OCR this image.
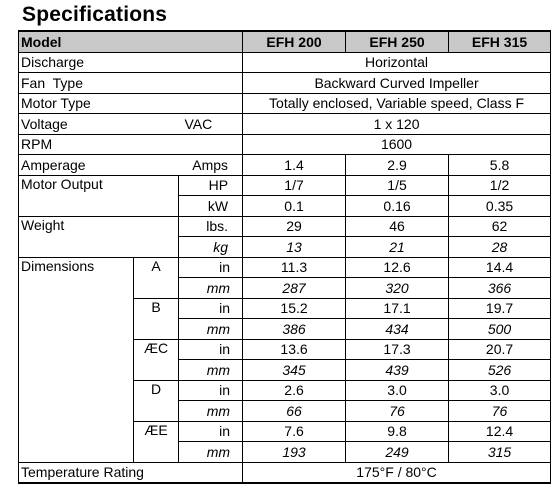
Specifications
Model			EFH 200	EFH 250	EFH 315
Discharge			Horizontal		
Fan  Type			Backward Curved Impeller		
Motor Type			Totally enclosed, Variable speed, Class F		
Voltage		VAC	1 x 120		
RPM			1600		
Amperage		Amps	1.4	2.9	5.8
Motor Output		HP	1/7	1/5	1/2
		kW	0.1	0.16	0.35
Weight		lbs.	29	46	62
		kg	13	21	28
Dimensions	A	in	11.3	12.6	14.4
		mm	287	320	366
	B	in	15.2	17.1	19.7
		mm	386	434	500
	ÆC	in	13.6	17.3	20.7
		mm	345	439	526
	D	in	2.6	3.0	3.0
		mm	66	76	76
	ÆE	in	7.6	9.8	12.4
		mm	193	249	315
Temperature Rating			175°F / 80°C		
